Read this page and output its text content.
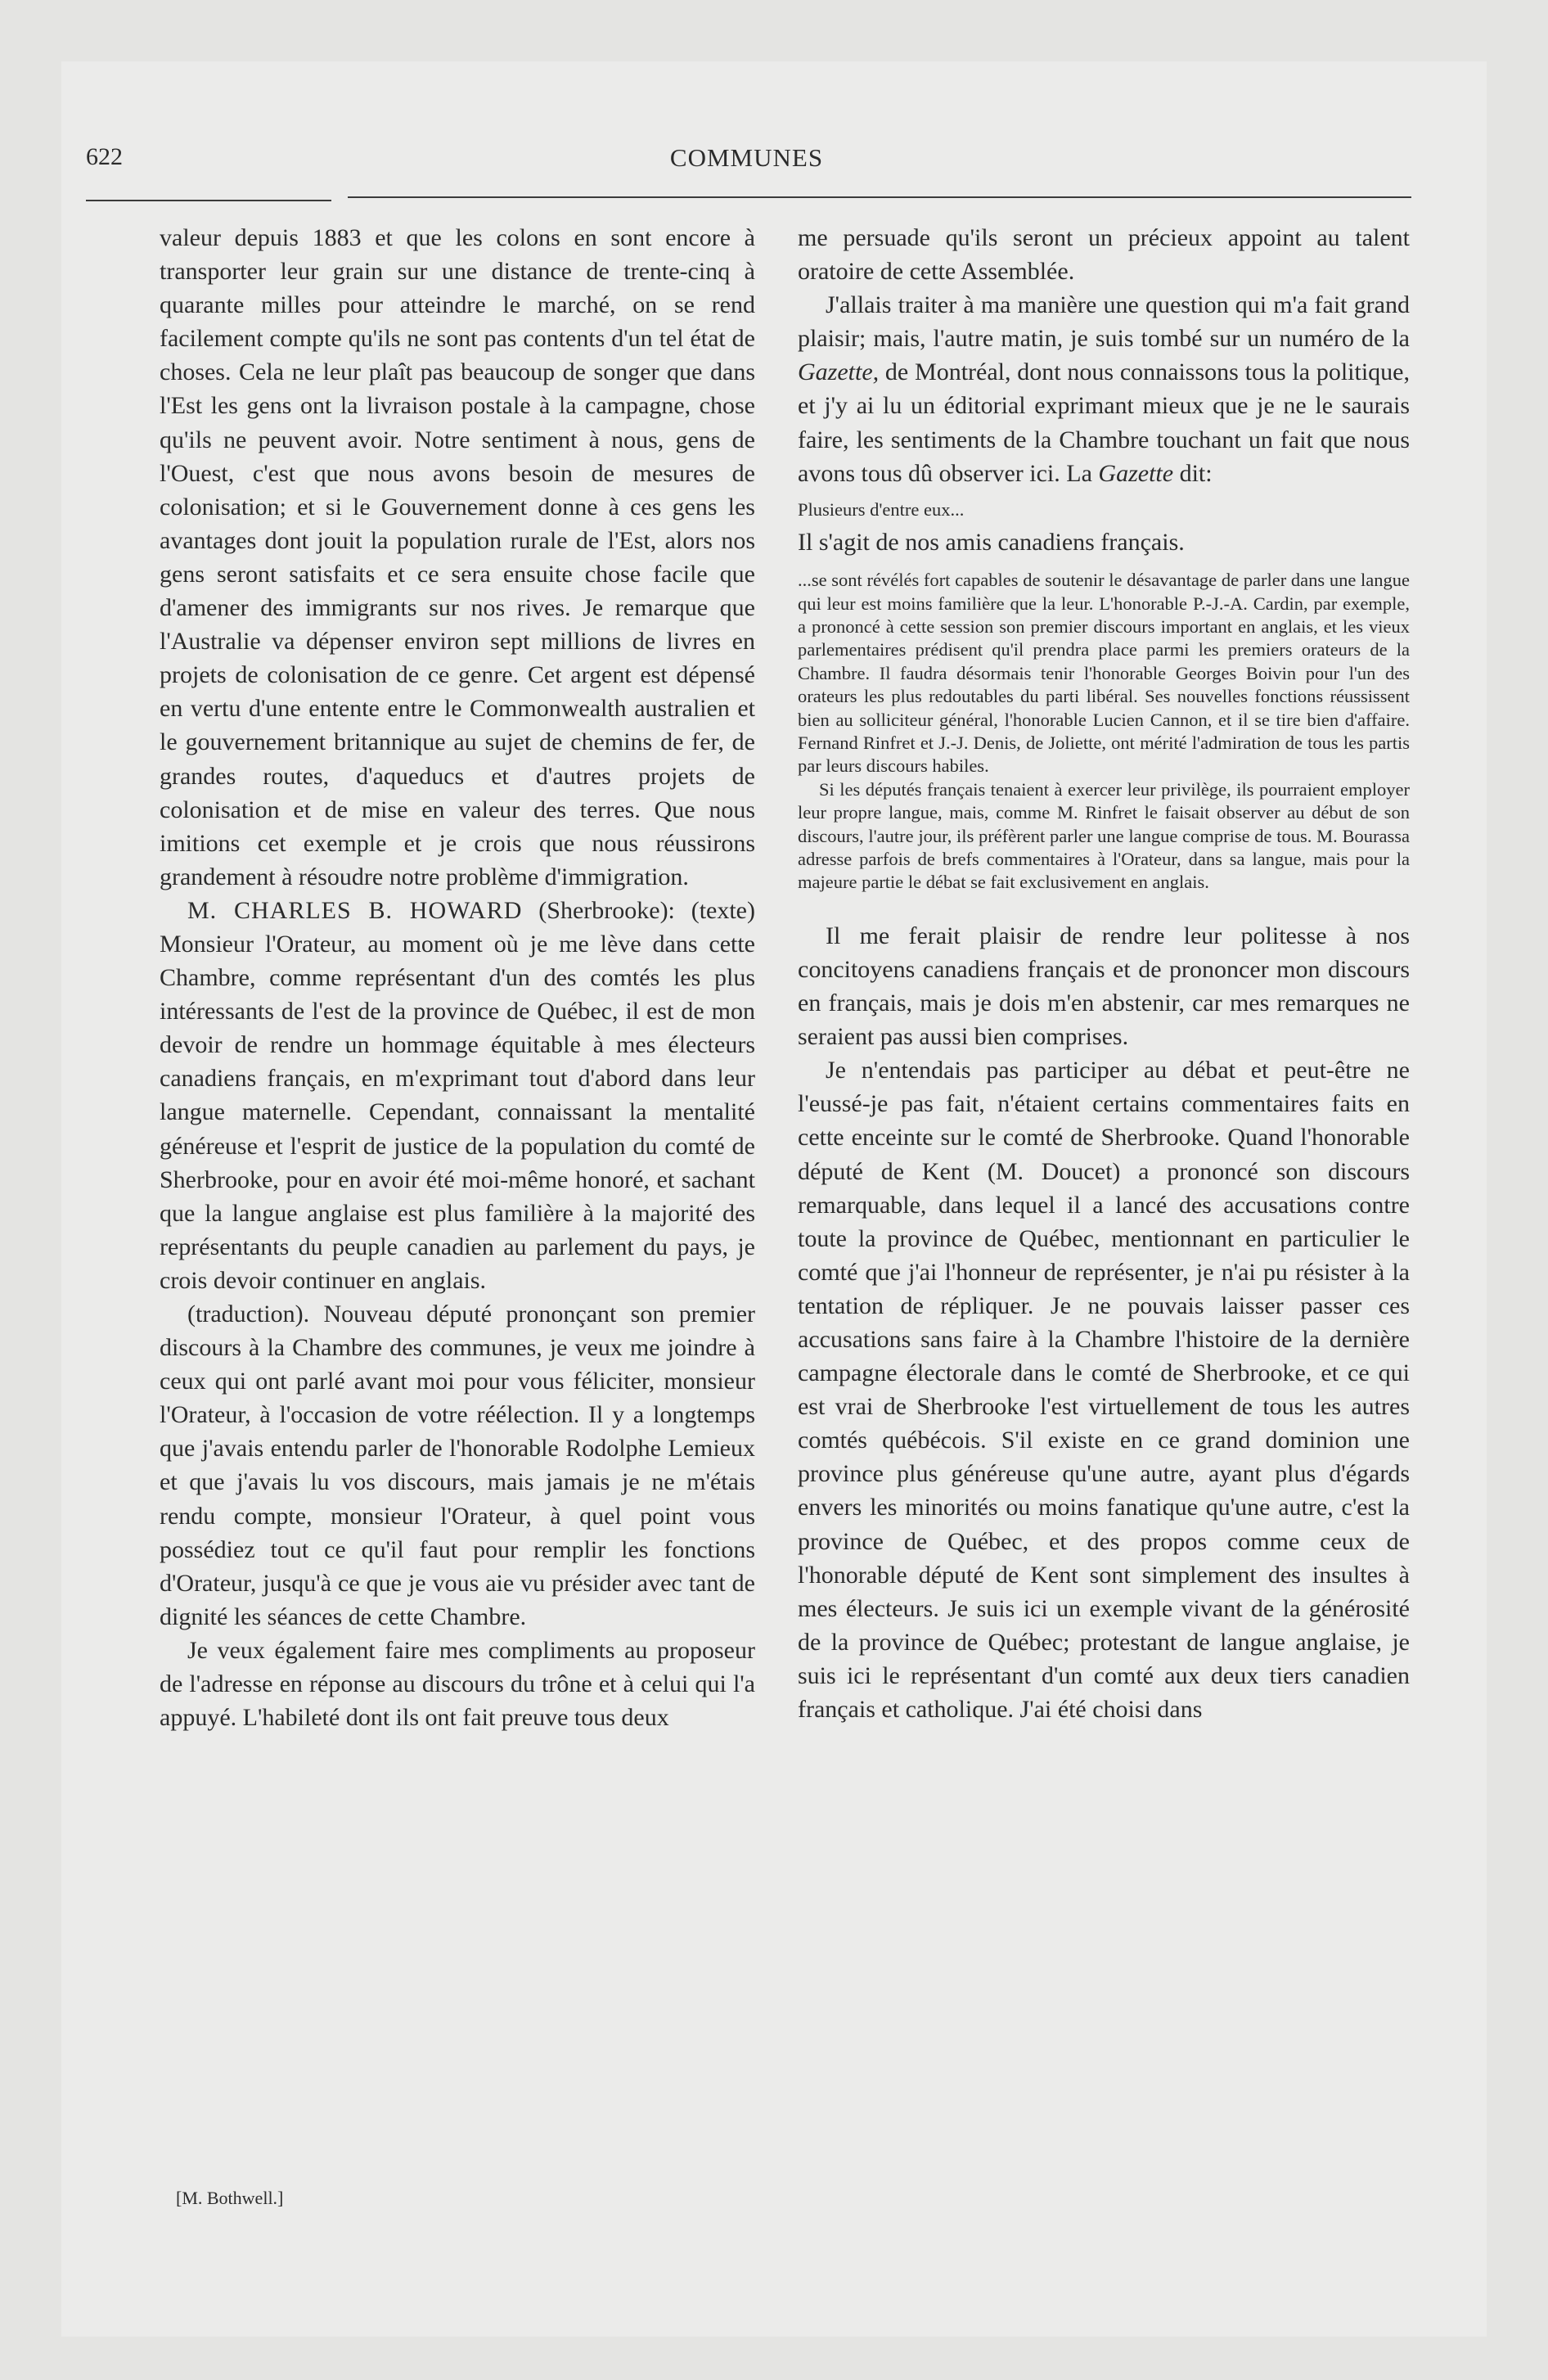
622	COMMUNES

valeur depuis 1883 et que les colons en sont encore à transporter leur grain sur une distance de trente-cinq à quarante milles pour atteindre le marché, on se rend facilement compte qu'ils ne sont pas contents d'un tel état de choses. Cela ne leur plaît pas beaucoup de songer que dans l'Est les gens ont la livraison postale à la campagne, chose qu'ils ne peuvent avoir. Notre sentiment à nous, gens de l'Ouest, c'est que nous avons besoin de mesures de colonisation; et si le Gouvernement donne à ces gens les avantages dont jouit la population rurale de l'Est, alors nos gens seront satisfaits et ce sera ensuite chose facile que d'amener des immigrants sur nos rives. Je remarque que l'Australie va dépenser environ sept millions de livres en projets de colonisation de ce genre. Cet argent est dépensé en vertu d'une entente entre le Commonwealth australien et le gouvernement britannique au sujet de chemins de fer, de grandes routes, d'aqueducs et d'autres projets de colonisation et de mise en valeur des terres. Que nous imitions cet exemple et je crois que nous réussirons grandement à résoudre notre problème d'immigration.

M. CHARLES B. HOWARD (Sherbrooke): (texte) Monsieur l'Orateur, au moment où je me lève dans cette Chambre, comme représentant d'un des comtés les plus intéressants de l'est de la province de Québec, il est de mon devoir de rendre un hommage équitable à mes électeurs canadiens français, en m'exprimant tout d'abord dans leur langue maternelle. Cependant, connaissant la mentalité généreuse et l'esprit de justice de la population du comté de Sherbrooke, pour en avoir été moi-même honoré, et sachant que la langue anglaise est plus familière à la majorité des représentants du peuple canadien au parlement du pays, je crois devoir continuer en anglais.

(traduction). Nouveau député prononçant son premier discours à la Chambre des communes, je veux me joindre à ceux qui ont parlé avant moi pour vous féliciter, monsieur l'Orateur, à l'occasion de votre réélection. Il y a longtemps que j'avais entendu parler de l'honorable Rodolphe Lemieux et que j'avais lu vos discours, mais jamais je ne m'étais rendu compte, monsieur l'Orateur, à quel point vous possédiez tout ce qu'il faut pour remplir les fonctions d'Orateur, jusqu'à ce que je vous aie vu présider avec tant de dignité les séances de cette Chambre.

Je veux également faire mes compliments au proposeur de l'adresse en réponse au discours du trône et à celui qui l'a appuyé. L'habileté dont ils ont fait preuve tous deux

[M. Bothwell.]

me persuade qu'ils seront un précieux appoint au talent oratoire de cette Assemblée.

J'allais traiter à ma manière une question qui m'a fait grand plaisir; mais, l'autre matin, je suis tombé sur un numéro de la Gazette, de Montréal, dont nous connaissons tous la politique, et j'y ai lu un éditorial exprimant mieux que je ne le saurais faire, les sentiments de la Chambre touchant un fait que nous avons tous dû observer ici. La Gazette dit:

Plusieurs d'entre eux...

Il s'agit de nos amis canadiens français.

...se sont révélés fort capables de soutenir le désavantage de parler dans une langue qui leur est moins familière que la leur. L'honorable P.-J.-A. Cardin, par exemple, a prononcé à cette session son premier discours important en anglais, et les vieux parlementaires prédisent qu'il prendra place parmi les premiers orateurs de la Chambre. Il faudra désormais tenir l'honorable Georges Boivin pour l'un des orateurs les plus redoutables du parti libéral. Ses nouvelles fonctions réussissent bien au solliciteur général, l'honorable Lucien Cannon, et il se tire bien d'affaire. Fernand Rinfret et J.-J. Denis, de Joliette, ont mérité l'admiration de tous les partis par leurs discours habiles.

Si les députés français tenaient à exercer leur privilège, ils pourraient employer leur propre langue, mais, comme M. Rinfret le faisait observer au début de son discours, l'autre jour, ils préfèrent parler une langue comprise de tous. M. Bourassa adresse parfois de brefs commentaires à l'Orateur, dans sa langue, mais pour la majeure partie le débat se fait exclusivement en anglais.

Il me ferait plaisir de rendre leur politesse à nos concitoyens canadiens français et de prononcer mon discours en français, mais je dois m'en abstenir, car mes remarques ne seraient pas aussi bien comprises.

Je n'entendais pas participer au débat et peut-être ne l'eussé-je pas fait, n'étaient certains commentaires faits en cette enceinte sur le comté de Sherbrooke. Quand l'honorable député de Kent (M. Doucet) a prononcé son discours remarquable, dans lequel il a lancé des accusations contre toute la province de Québec, mentionnant en particulier le comté que j'ai l'honneur de représenter, je n'ai pu résister à la tentation de répliquer. Je ne pouvais laisser passer ces accusations sans faire à la Chambre l'histoire de la dernière campagne électorale dans le comté de Sherbrooke, et ce qui est vrai de Sherbrooke l'est virtuellement de tous les autres comtés québécois. S'il existe en ce grand dominion une province plus généreuse qu'une autre, ayant plus d'égards envers les minorités ou moins fanatique qu'une autre, c'est la province de Québec, et des propos comme ceux de l'honorable député de Kent sont simplement des insultes à mes électeurs. Je suis ici un exemple vivant de la générosité de la province de Québec; protestant de langue anglaise, je suis ici le représentant d'un comté aux deux tiers canadien français et catholique. J'ai été choisi dans
